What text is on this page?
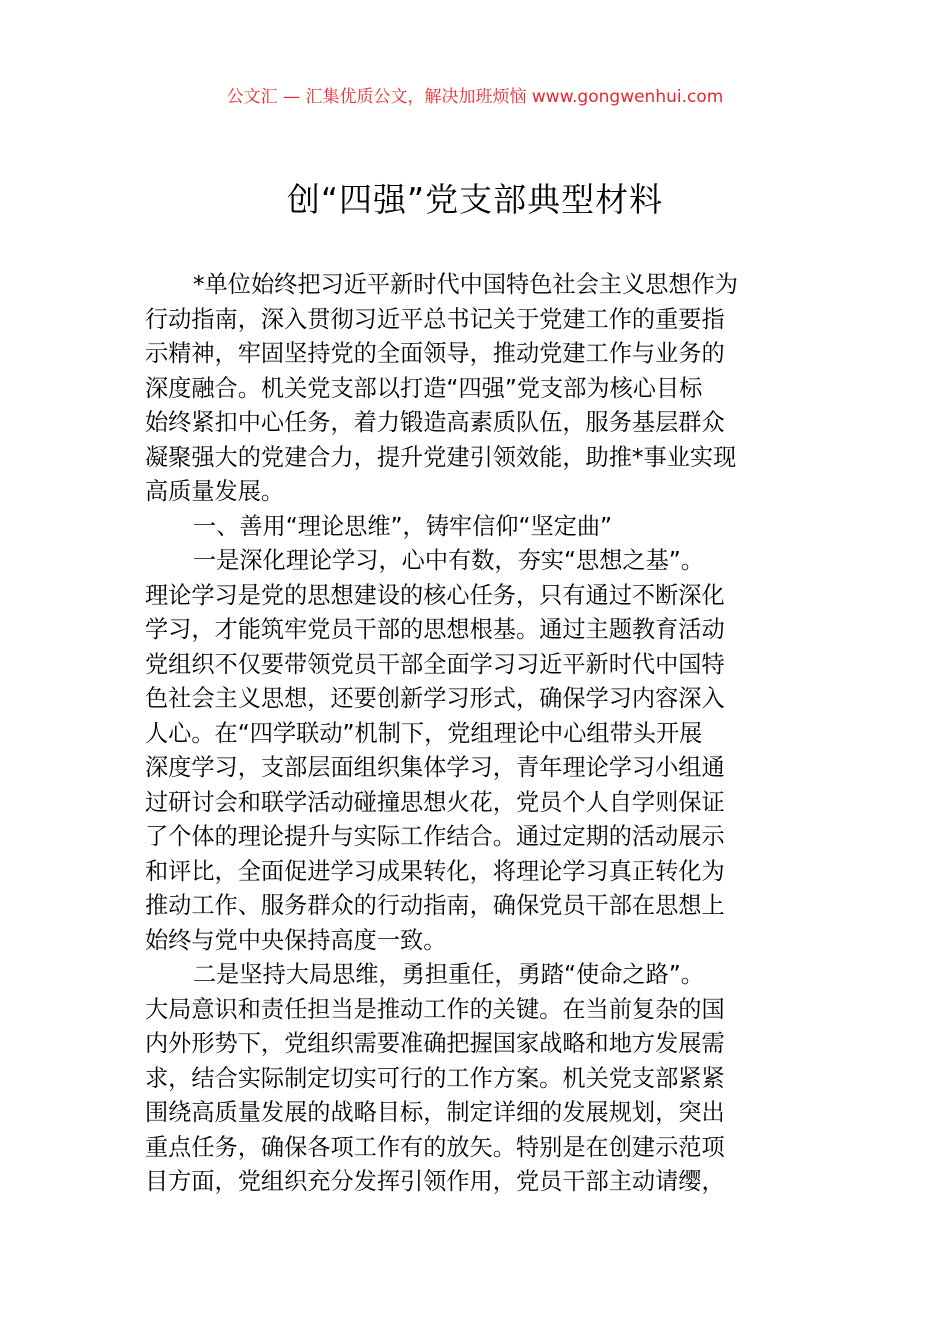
公文汇 — 汇集优质公文，解决加班烦恼 www.gongwenhui.com
创“四强”党支部典型材料
*单位始终把习近平新时代中国特色社会主义思想作为
行动指南，深入贯彻习近平总书记关于党建工作的重要指
示精神，牢固坚持党的全面领导，推动党建工作与业务的
深度融合。机关党支部以打造“四强”党支部为核心目标
始终紧扣中心任务，着力锻造高素质队伍，服务基层群众
凝聚强大的党建合力，提升党建引领效能，助推*事业实现
高质量发展。
一、善用“理论思维”，铸牢信仰“坚定曲”
一是深化理论学习，心中有数，夯实“思想之基”。
理论学习是党的思想建设的核心任务，只有通过不断深化
学习，才能筑牢党员干部的思想根基。通过主题教育活动
党组织不仅要带领党员干部全面学习习近平新时代中国特
色社会主义思想，还要创新学习形式，确保学习内容深入
人心。在“四学联动”机制下，党组理论中心组带头开展
深度学习，支部层面组织集体学习，青年理论学习小组通
过研讨会和联学活动碰撞思想火花，党员个人自学则保证
了个体的理论提升与实际工作结合。通过定期的活动展示
和评比，全面促进学习成果转化，将理论学习真正转化为
推动工作、服务群众的行动指南，确保党员干部在思想上
始终与党中央保持高度一致。
二是坚持大局思维，勇担重任，勇踏“使命之路”。
大局意识和责任担当是推动工作的关键。在当前复杂的国
内外形势下，党组织需要准确把握国家战略和地方发展需
求，结合实际制定切实可行的工作方案。机关党支部紧紧
围绕高质量发展的战略目标，制定详细的发展规划，突出
重点任务，确保各项工作有的放矢。特别是在创建示范项
目方面，党组织充分发挥引领作用，党员干部主动请缨，
